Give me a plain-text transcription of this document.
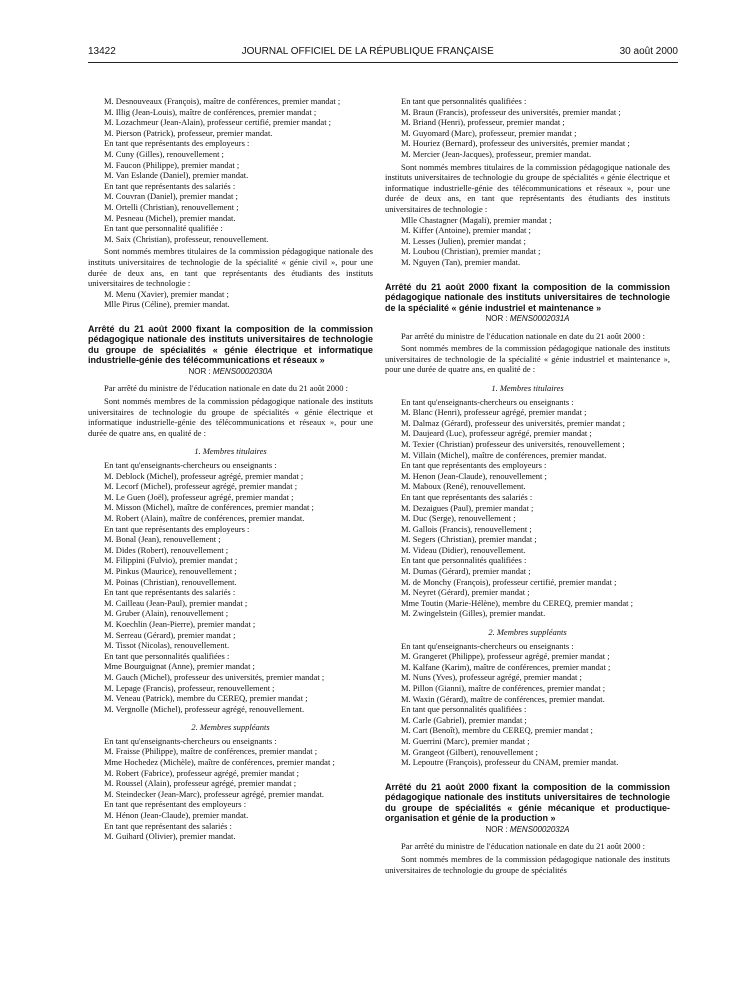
13422	JOURNAL OFFICIEL DE LA RÉPUBLIQUE FRANÇAISE	30 août 2000

M. Desnouveaux (François), maître de conférences, premier mandat ;

M. Illig (Jean-Louis), maître de conférences, premier mandat ;

M. Lozachmeur (Jean-Alain), professeur certifié, premier mandat ;

M. Pierson (Patrick), professeur, premier mandat.

En tant que représentants des employeurs :

M. Cuny (Gilles), renouvellement ;

M. Faucon (Philippe), premier mandat ;

M. Van Eslande (Daniel), premier mandat.

En tant que représentants des salariés :

M. Couvran (Daniel), premier mandat ;

M. Ortelli (Christian), renouvellement ;

M. Pesneau (Michel), premier mandat.

En tant que personnalité qualifiée :

M. Saix (Christian), professeur, renouvellement.

Sont nommés membres titulaires de la commission pédagogique nationale des instituts universitaires de technologie de la spécialité « génie civil », pour une durée de deux ans, en tant que représentants des étudiants des instituts universitaires de technologie :

M. Menu (Xavier), premier mandat ;

Mlle Pirus (Céline), premier mandat.

Arrêté du 21 août 2000 fixant la composition de la commission pédagogique nationale des instituts universitaires de technologie du groupe de spécialités « génie électrique et informatique industrielle-génie des télécommunications et réseaux »

NOR : MENS0002030A

Par arrêté du ministre de l'éducation nationale en date du 21 août 2000 :

Sont nommés membres de la commission pédagogique nationale des instituts universitaires de technologie du groupe de spécialités « génie électrique et informatique industrielle-génie des télécommunications et réseaux », pour une durée de quatre ans, en qualité de :

1. Membres titulaires

En tant qu'enseignants-chercheurs ou enseignants :

M. Deblock (Michel), professeur agrégé, premier mandat ;

M. Lecorf (Michel), professeur agrégé, premier mandat ;

M. Le Guen (Joël), professeur agrégé, premier mandat ;

M. Misson (Michel), maître de conférences, premier mandat ;

M. Robert (Alain), maître de conférences, premier mandat.

En tant que représentants des employeurs :

M. Bonal (Jean), renouvellement ;

M. Dides (Robert), renouvellement ;

M. Filippini (Fulvio), premier mandat ;

M. Pinkus (Maurice), renouvellement ;

M. Poinas (Christian), renouvellement.

En tant que représentants des salariés :

M. Cailleau (Jean-Paul), premier mandat ;

M. Gruber (Alain), renouvellement ;

M. Koechlin (Jean-Pierre), premier mandat ;

M. Serreau (Gérard), premier mandat ;

M. Tissot (Nicolas), renouvellement.

En tant que personnalités qualifiées :

Mme Bourguignat (Anne), premier mandat ;

M. Gauch (Michel), professeur des universités, premier mandat ;

M. Lepage (Francis), professeur, renouvellement ;

M. Veneau (Patrick), membre du CEREQ, premier mandat ;

M. Vergnolle (Michel), professeur agrégé, renouvellement.

2. Membres suppléants

En tant qu'enseignants-chercheurs ou enseignants :

M. Fraisse (Philippe), maître de conférences, premier mandat ;

Mme Hochedez (Michèle), maître de conférences, premier mandat ;

M. Robert (Fabrice), professeur agrégé, premier mandat ;

M. Roussel (Alain), professeur agrégé, premier mandat ;

M. Steindecker (Jean-Marc), professeur agrégé, premier mandat.

En tant que représentant des employeurs :

M. Hénon (Jean-Claude), premier mandat.

En tant que représentant des salariés :

M. Guihard (Olivier), premier mandat.

En tant que personnalités qualifiées :

M. Braun (Francis), professeur des universités, premier mandat ;

M. Briand (Henri), professeur, premier mandat ;

M. Guyomard (Marc), professeur, premier mandat ;

M. Houriez (Bernard), professeur des universités, premier mandat ;

M. Mercier (Jean-Jacques), professeur, premier mandat.

Sont nommés membres titulaires de la commission pédagogique nationale des instituts universitaires de technologie du groupe de spécialités « génie électrique et informatique industrielle-génie des télécommunications et réseaux », pour une durée de deux ans, en tant que représentants des étudiants des instituts universitaires de technologie :

Mlle Chastagner (Magali), premier mandat ;

M. Kiffer (Antoine), premier mandat ;

M. Lesses (Julien), premier mandat ;

M. Loubou (Christian), premier mandat ;

M. Nguyen (Tan), premier mandat.

Arrêté du 21 août 2000 fixant la composition de la commission pédagogique nationale des instituts universitaires de technologie de la spécialité « génie industriel et maintenance »

NOR : MENS0002031A

Par arrêté du ministre de l'éducation nationale en date du 21 août 2000 :

Sont nommés membres de la commission pédagogique nationale des instituts universitaires de technologie de la spécialité « génie industriel et maintenance », pour une durée de quatre ans, en qualité de :

1. Membres titulaires

En tant qu'enseignants-chercheurs ou enseignants :

M. Blanc (Henri), professeur agrégé, premier mandat ;

M. Dalmaz (Gérard), professeur des universités, premier mandat ;

M. Daujeard (Luc), professeur agrégé, premier mandat ;

M. Texier (Christian) professeur des universités, renouvellement ;

M. Villain (Michel), maître de conférences, premier mandat.

En tant que représentants des employeurs :

M. Henon (Jean-Claude), renouvellement ;

M. Maboux (René), renouvellement.

En tant que représentants des salariés :

M. Dezaigues (Paul), premier mandat ;

M. Duc (Serge), renouvellement ;

M. Gallois (Francis), renouvellement ;

M. Segers (Christian), premier mandat ;

M. Videau (Didier), renouvellement.

En tant que personnalités qualifiées :

M. Dumas (Gérard), premier mandat ;

M. de Monchy (François), professeur certifié, premier mandat ;

M. Neyret (Gérard), premier mandat ;

Mme Toutin (Marie-Hélène), membre du CEREQ, premier mandat ;

M. Zwingelstein (Gilles), premier mandat.

2. Membres suppléants

En tant qu'enseignants-chercheurs ou enseignants :

M. Grangeret (Philippe), professeur agrégé, premier mandat ;

M. Kalfane (Karim), maître de conférences, premier mandat ;

M. Nuns (Yves), professeur agrégé, premier mandat ;

M. Pillon (Gianni), maître de conférences, premier mandat ;

M. Waxin (Gérard), maître de conférences, premier mandat.

En tant que personnalités qualifiées :

M. Carle (Gabriel), premier mandat ;

M. Cart (Benoît), membre du CEREQ, premier mandat ;

M. Guerrini (Marc), premier mandat ;

M. Grangeot (Gilbert), renouvellement ;

M. Lepoutre (François), professeur du CNAM, premier mandat.

Arrêté du 21 août 2000 fixant la composition de la commission pédagogique nationale des instituts universitaires de technologie du groupe de spécialités « génie mécanique et productique-organisation et génie de la production »

NOR : MENS0002032A

Par arrêté du ministre de l'éducation nationale en date du 21 août 2000 :

Sont nommés membres de la commission pédagogique nationale des instituts universitaires de technologie du groupe de spécialités
